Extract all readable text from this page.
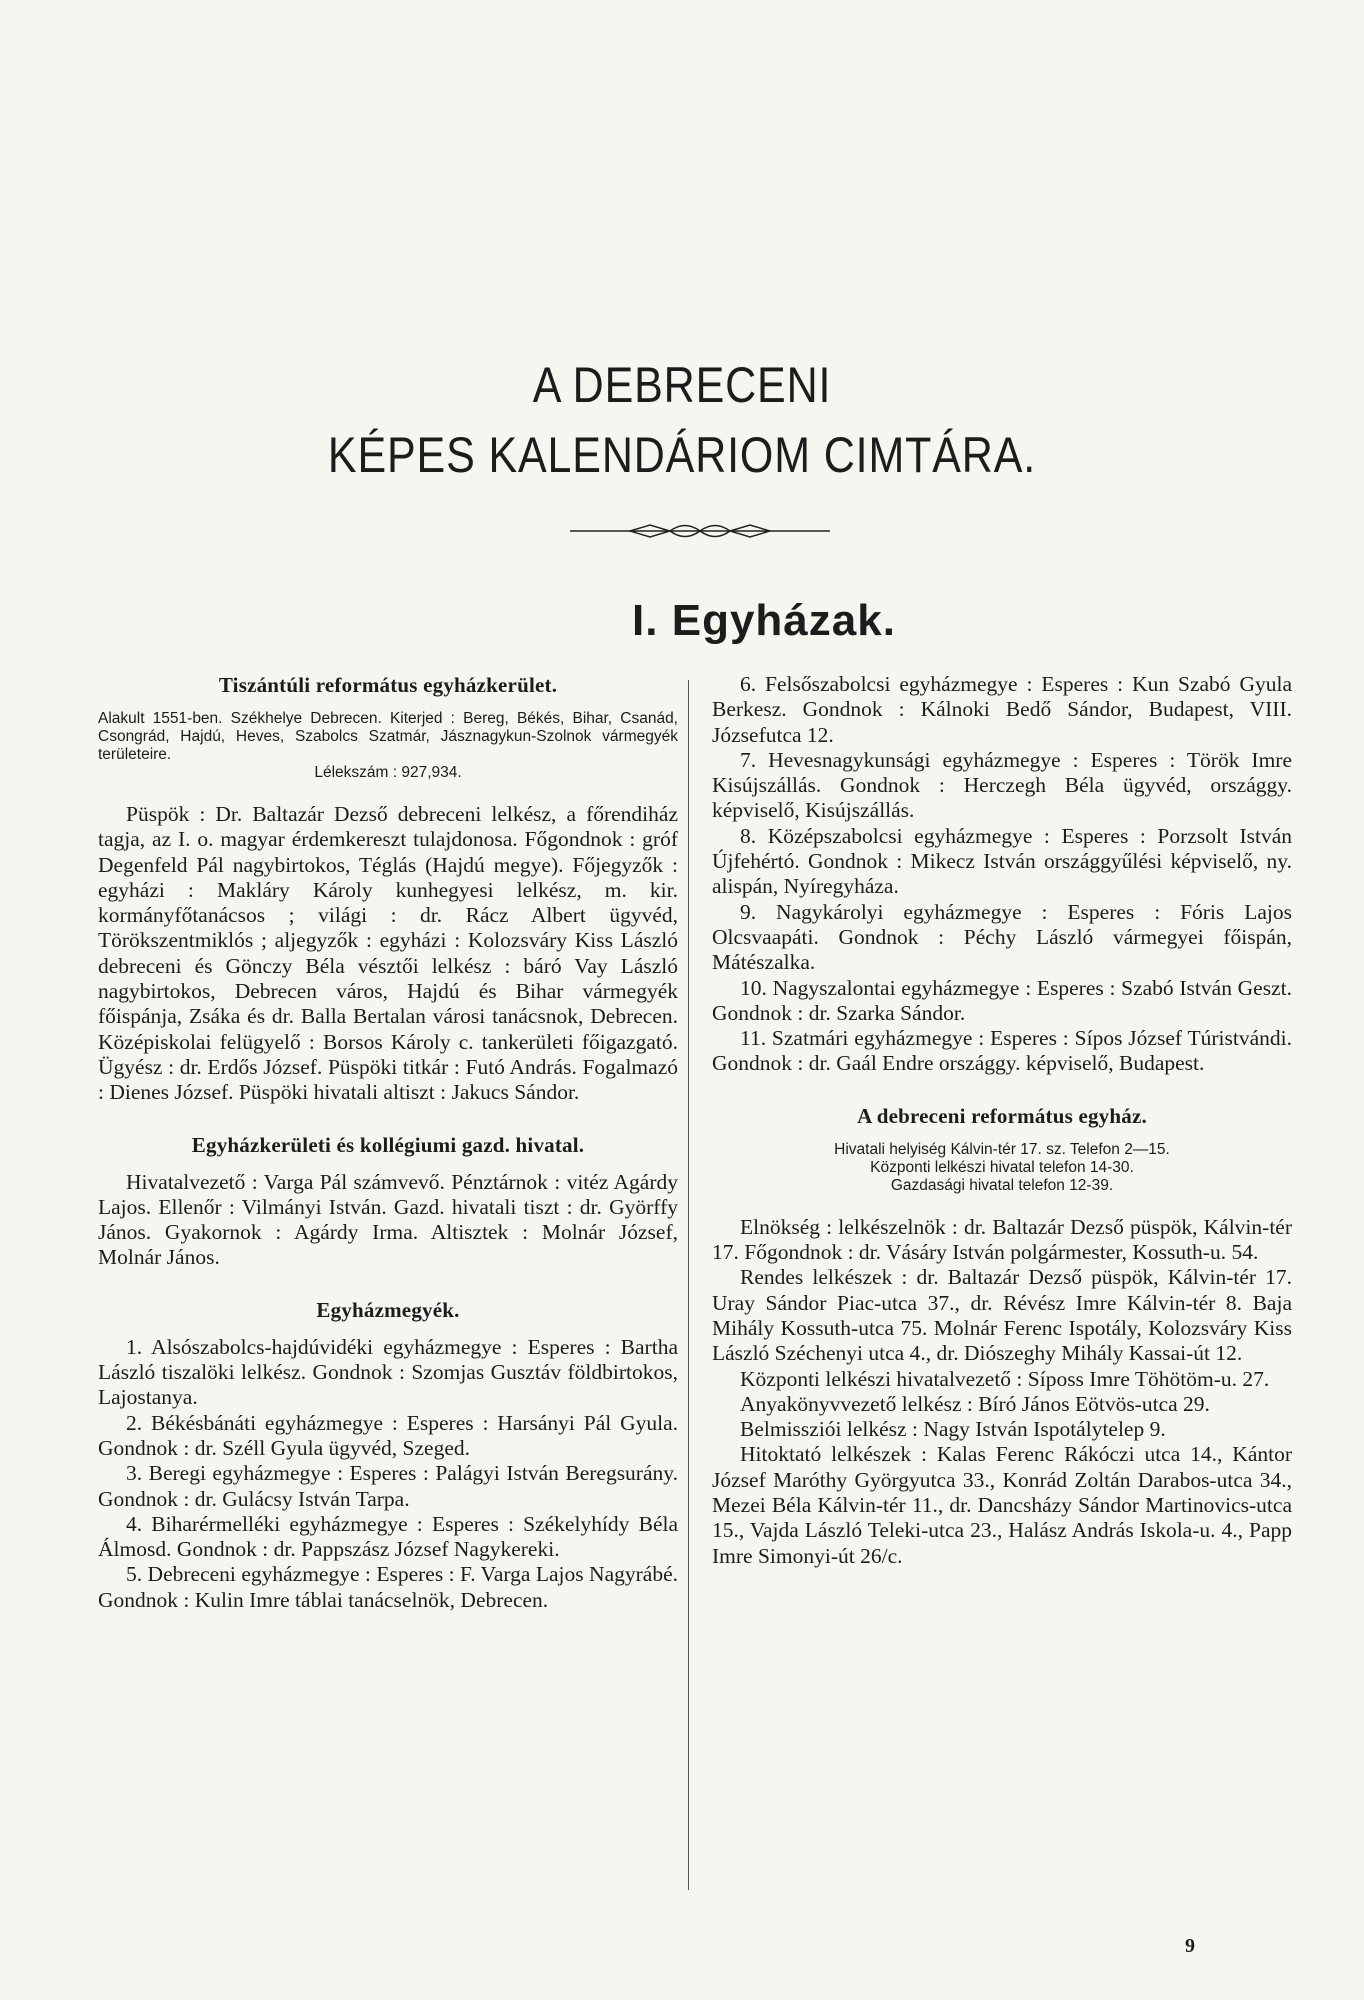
A DEBRECENI
KÉPES KALENDÁRIOM CIMTÁRA.
I. Egyházak.

Tiszántúli református egyházkerület.

Alakult 1551-ben. Székhelye Debrecen. Kiterjed : Bereg, Békés, Bihar, Csanád, Csongrád, Hajdú, Heves, Szabolcs Szatmár, Jásznagykun-Szolnok vármegyék területeire.

Lélekszám : 927,934.

Püspök : Dr. Baltazár Dezső debreceni lelkész, a főrendiház tagja, az I. o. magyar érdemkereszt tulajdonosa. Főgondnok : gróf Degenfeld Pál nagybirtokos, Téglás (Hajdú megye). Főjegyzők : egyházi : Makláry Károly kunhegyesi lelkész, m. kir. kormányfőtanácsos ; világi : dr. Rácz Albert ügyvéd, Törökszentmiklós ; aljegyzők : egyházi : Kolozsváry Kiss László debreceni és Gönczy Béla vésztői lelkész : báró Vay László nagybirtokos, Debrecen város, Hajdú és Bihar vármegyék főispánja, Zsáka és dr. Balla Bertalan városi tanácsnok, Debrecen. Középiskolai felügyelő : Borsos Károly c. tankerületi főigazgató. Ügyész : dr. Erdős József. Püspöki titkár : Futó András. Fogalmazó : Dienes József. Püspöki hivatali altiszt : Jakucs Sándor.

Egyházkerületi és kollégiumi gazd. hivatal.

Hivatalvezető : Varga Pál számvevő. Pénztárnok : vitéz Agárdy Lajos. Ellenőr : Vilmányi István. Gazd. hivatali tiszt : dr. Györffy János. Gyakornok : Agárdy Irma. Altisztek : Molnár József, Molnár János.

Egyházmegyék.

1. Alsószabolcs-hajdúvidéki egyházmegye : Esperes : Bartha László tiszalöki lelkész. Gondnok : Szomjas Gusztáv földbirtokos, Lajostanya.

2. Békésbánáti egyházmegye : Esperes : Harsányi Pál Gyula. Gondnok : dr. Széll Gyula ügyvéd, Szeged.

3. Beregi egyházmegye : Esperes : Palágyi István Beregsurány. Gondnok : dr. Gulácsy István Tarpa.

4. Biharérmelléki egyházmegye : Esperes : Székelyhídy Béla Álmosd. Gondnok : dr. Pappszász József Nagykereki.

5. Debreceni egyházmegye : Esperes : F. Varga Lajos Nagyrábé. Gondnok : Kulin Imre táblai tanácselnök, Debrecen.

6. Felsőszabolcsi egyházmegye : Esperes : Kun Szabó Gyula Berkesz. Gondnok : Kálnoki Bedő Sándor, Budapest, VIII. Józsefutca 12.

7. Hevesnagykunsági egyházmegye : Esperes : Török Imre Kisújszállás. Gondnok : Herczegh Béla ügyvéd, országgy. képviselő, Kisújszállás.

8. Középszabolcsi egyházmegye : Esperes : Porzsolt István Újfehértó. Gondnok : Mikecz István országgyűlési képviselő, ny. alispán, Nyíregyháza.

9. Nagykárolyi egyházmegye : Esperes : Fóris Lajos Olcsvaapáti. Gondnok : Péchy László vármegyei főispán, Mátészalka.

10. Nagyszalontai egyházmegye : Esperes : Szabó István Geszt. Gondnok : dr. Szarka Sándor.

11. Szatmári egyházmegye : Esperes : Sípos József Túristvándi. Gondnok : dr. Gaál Endre országgy. képviselő, Budapest.

A debreceni református egyház.

Hivatali helyiség Kálvin-tér 17. sz. Telefon 2—15.

Központi lelkészi hivatal telefon 14-30.

Gazdasági hivatal telefon 12-39.

Elnökség : lelkészelnök : dr. Baltazár Dezső püspök, Kálvin-tér 17. Főgondnok : dr. Vásáry István polgármester, Kossuth-u. 54.

Rendes lelkészek : dr. Baltazár Dezső püspök, Kálvin-tér 17. Uray Sándor Piac-utca 37., dr. Révész Imre Kálvin-tér 8. Baja Mihály Kossuth-utca 75. Molnár Ferenc Ispotály, Kolozsváry Kiss László Széchenyi utca 4., dr. Diószeghy Mihály Kassai-út 12.

Központi lelkészi hivatalvezető : Síposs Imre Töhötöm-u. 27.

Anyakönyvvezető lelkész : Bíró János Eötvös-utca 29.

Belmissziói lelkész : Nagy István Ispotálytelep 9.

Hitoktató lelkészek : Kalas Ferenc Rákóczi utca 14., Kántor József Maróthy Györgyutca 33., Konrád Zoltán Darabos-utca 34., Mezei Béla Kálvin-tér 11., dr. Dancsházy Sándor Martinovics-utca 15., Vajda László Teleki-utca 23., Halász András Iskola-u. 4., Papp Imre Simonyi-út 26/c.

9
